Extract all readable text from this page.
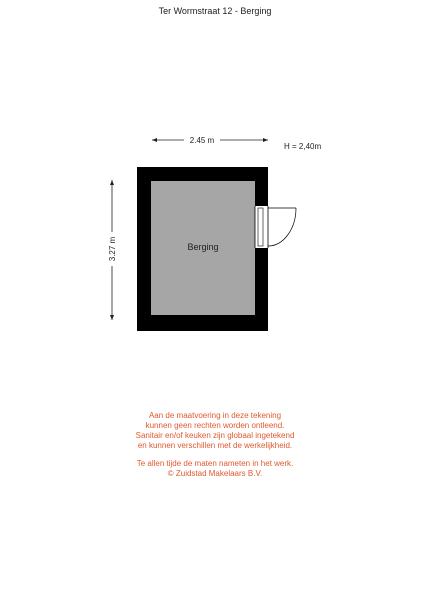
Ter Wormstraat 12 - Berging
2.45 m
H = 2,40m
3.27 m	Berging
Aan de maatvoering in deze tekening
kunnen geen rechten worden ontleend.
Sanitair en/of keuken zijn globaal ingetekend
en kunnen verschillen met de werkelijkheid.
Te allen tijde de maten nameten in het werk.
© Zuidstad Makelaars B.V.
